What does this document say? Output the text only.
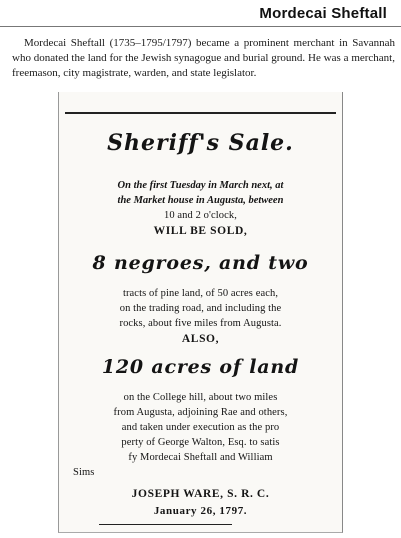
Mordecai Sheftall
Mordecai Sheftall (1735–1795/1797) became a prominent merchant in Savannah who donated the land for the Jewish synagogue and burial ground. He was a merchant, freemason, city magistrate, warden, and state legislator.
Sheriff's Sale.
On the first Tuesday in March next, at
the Market house in Augusta, between
10 and 2 o'clock,
WILL BE SOLD,
8 negroes, and two
tracts of pine land, of 50 acres each,
on the trading road, and including the
rocks, about five miles from Augusta.
ALSO,
120 acres of land
on the College hill, about two miles
from Augusta, adjoining Rae and others,
and taken under execution as the pro
perty of George Walton, Esq. to satis
fy Mordecai Sheftall and William
Sims
JOSEPH WARE, S. R. C.
January 26, 1797.
